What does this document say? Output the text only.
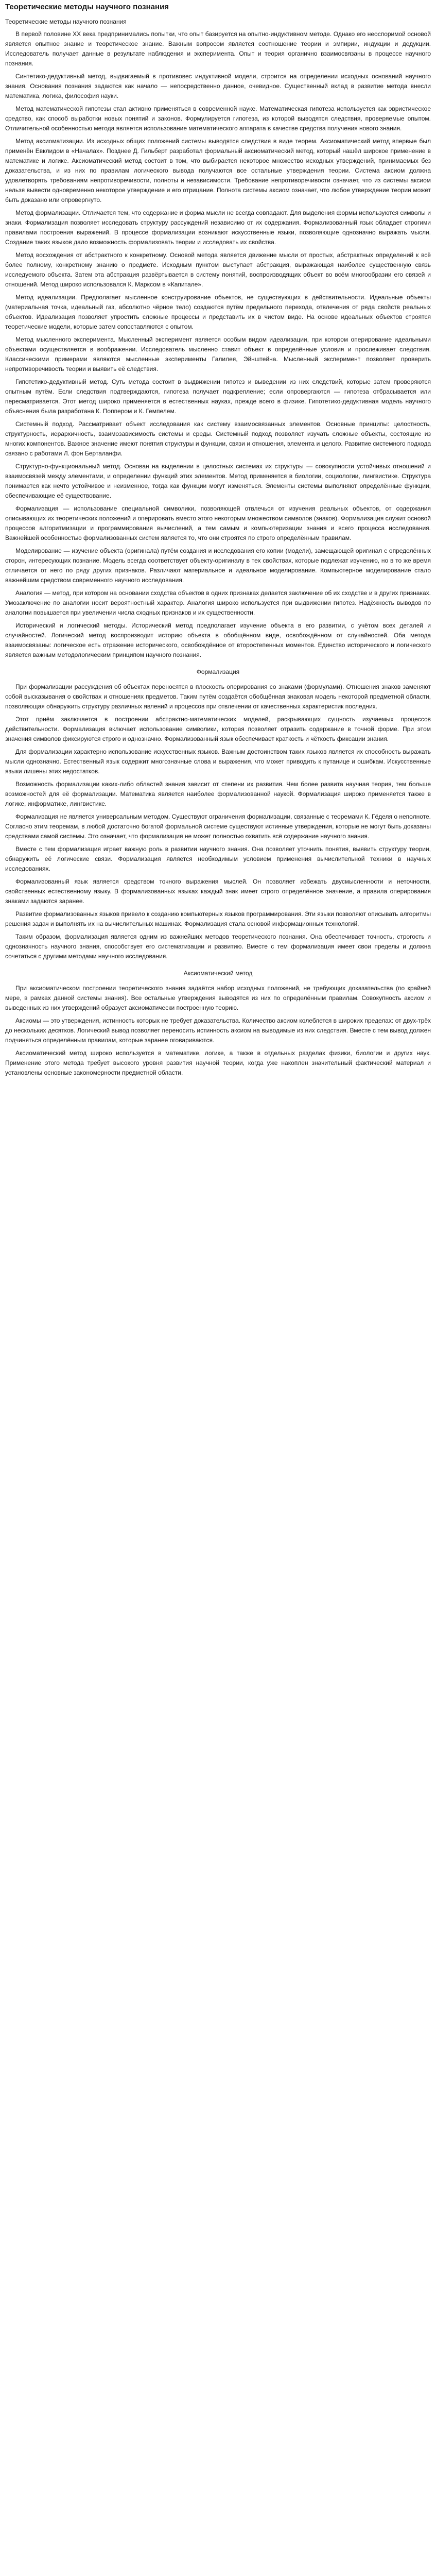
Теоретические методы научного познания
Теоретические методы научного познания

В первой половине XX века предпринимались попытки, что опыт базируется на опытно-индуктивном методе. Однако его неоспоримой основой является опытное знание и теоретическое знание. Важным вопросом является соотношение теории и эмпирии, индукции и дедукции. Исследователь получает данные в результате наблюдения и эксперимента. Опыт и теория органично взаимосвязаны в процессе научного познания.

Синтетико-дедуктивный метод, выдвигаемый в противовес индуктивной модели, строится на определении исходных оснований научного знания. Основания познания задаются как начало — непосредственно данное, очевидное. Существенный вклад в развитие метода внесли математика, логика, философия науки.

Метод математической гипотезы стал активно применяться в современной науке. Математическая гипотеза используется как эвристическое средство, как способ выработки новых понятий и законов. Формулируется гипотеза, из которой выводятся следствия, проверяемые опытом. Отличительной особенностью метода является использование математического аппарата в качестве средства получения нового знания.

Метод аксиоматизации. Из исходных общих положений системы выводятся следствия в виде теорем. Аксиоматический метод впервые был применён Евклидом в «Началах». Позднее Д. Гильберт разработал формальный аксиоматический метод, который нашёл широкое применение в математике и логике. Аксиоматический метод состоит в том, что выбирается некоторое множество исходных утверждений, принимаемых без доказательства, и из них по правилам логического вывода получаются все остальные утверждения теории. Система аксиом должна удовлетворять требованиям непротиворечивости, полноты и независимости. Требование непротиворечивости означает, что из системы аксиом нельзя вывести одновременно некоторое утверждение и его отрицание. Полнота системы аксиом означает, что любое утверждение теории может быть доказано или опровергнуто.

Метод формализации. Отличается тем, что содержание и форма мысли не всегда совпадают. Для выделения формы используются символы и знаки. Формализация позволяет исследовать структуру рассуждений независимо от их содержания. Формализованный язык обладает строгими правилами построения выражений. В процессе формализации возникают искусственные языки, позволяющие однозначно выражать мысли. Создание таких языков дало возможность формализовать теории и исследовать их свойства.

Метод восхождения от абстрактного к конкретному. Основой метода является движение мысли от простых, абстрактных определений к всё более полному, конкретному знанию о предмете. Исходным пунктом выступает абстракция, выражающая наиболее существенную связь исследуемого объекта. Затем эта абстракция развёртывается в систему понятий, воспроизводящих объект во всём многообразии его связей и отношений. Метод широко использовался К. Марксом в «Капитале».

Метод идеализации. Предполагает мысленное конструирование объектов, не существующих в действительности. Идеальные объекты (материальная точка, идеальный газ, абсолютно чёрное тело) создаются путём предельного перехода, отвлечения от ряда свойств реальных объектов. Идеализация позволяет упростить сложные процессы и представить их в чистом виде. На основе идеальных объектов строятся теоретические модели, которые затем сопоставляются с опытом.

Метод мысленного эксперимента. Мысленный эксперимент является особым видом идеализации, при котором оперирование идеальными объектами осуществляется в воображении. Исследователь мысленно ставит объект в определённые условия и прослеживает следствия. Классическими примерами являются мысленные эксперименты Галилея, Эйнштейна. Мысленный эксперимент позволяет проверить непротиворечивость теории и выявить её следствия.

Гипотетико-дедуктивный метод. Суть метода состоит в выдвижении гипотез и выведении из них следствий, которые затем проверяются опытным путём. Если следствия подтверждаются, гипотеза получает подкрепление; если опровергаются — гипотеза отбрасывается или пересматривается. Этот метод широко применяется в естественных науках, прежде всего в физике. Гипотетико-дедуктивная модель научного объяснения была разработана К. Поппером и К. Гемпелем.

Системный подход. Рассматривает объект исследования как систему взаимосвязанных элементов. Основные принципы: целостность, структурность, иерархичность, взаимозависимость системы и среды. Системный подход позволяет изучать сложные объекты, состоящие из многих компонентов. Важное значение имеют понятия структуры и функции, связи и отношения, элемента и целого. Развитие системного подхода связано с работами Л. фон Берталанфи.

Структурно-функциональный метод. Основан на выделении в целостных системах их структуры — совокупности устойчивых отношений и взаимосвязей между элементами, и определении функций этих элементов. Метод применяется в биологии, социологии, лингвистике. Структура понимается как нечто устойчивое и неизменное, тогда как функции могут изменяться. Элементы системы выполняют определённые функции, обеспечивающие её существование.

Формализация — использование специальной символики, позволяющей отвлечься от изучения реальных объектов, от содержания описывающих их теоретических положений и оперировать вместо этого некоторым множеством символов (знаков). Формализация служит основой процессов алгоритмизации и программирования вычислений, а тем самым и компьютеризации знания и всего процесса исследования. Важнейшей особенностью формализованных систем является то, что они строятся по строго определённым правилам.

Моделирование — изучение объекта (оригинала) путём создания и исследования его копии (модели), замещающей оригинал с определённых сторон, интересующих познание. Модель всегда соответствует объекту-оригиналу в тех свойствах, которые подлежат изучению, но в то же время отличается от него по ряду других признаков. Различают материальное и идеальное моделирование. Компьютерное моделирование стало важнейшим средством современного научного исследования.

Аналогия — метод, при котором на основании сходства объектов в одних признаках делается заключение об их сходстве и в других признаках. Умозаключение по аналогии носит вероятностный характер. Аналогия широко используется при выдвижении гипотез. Надёжность выводов по аналогии повышается при увеличении числа сходных признаков и их существенности.

Исторический и логический методы. Исторический метод предполагает изучение объекта в его развитии, с учётом всех деталей и случайностей. Логический метод воспроизводит историю объекта в обобщённом виде, освобождённом от случайностей. Оба метода взаимосвязаны: логическое есть отражение исторического, освобождённое от второстепенных моментов. Единство исторического и логического является важным методологическим принципом научного познания.

Формализация

При формализации рассуждения об объектах переносятся в плоскость оперирования со знаками (формулами). Отношения знаков заменяют собой высказывания о свойствах и отношениях предметов. Таким путём создаётся обобщённая знаковая модель некоторой предметной области, позволяющая обнаружить структуру различных явлений и процессов при отвлечении от качественных характеристик последних.

Этот приём заключается в построении абстрактно-математических моделей, раскрывающих сущность изучаемых процессов действительности. Формализация включает использование символики, которая позволяет отразить содержание в точной форме. При этом значения символов фиксируются строго и однозначно. Формализованный язык обеспечивает краткость и чёткость фиксации знания.

Для формализации характерно использование искусственных языков. Важным достоинством таких языков является их способность выражать мысли однозначно. Естественный язык содержит многозначные слова и выражения, что может приводить к путанице и ошибкам. Искусственные языки лишены этих недостатков.

Возможность формализации каких-либо областей знания зависит от степени их развития. Чем более развита научная теория, тем больше возможностей для её формализации. Математика является наиболее формализованной наукой. Формализация широко применяется также в логике, информатике, лингвистике.

Формализация не является универсальным методом. Существуют ограничения формализации, связанные с теоремами К. Гёделя о неполноте. Согласно этим теоремам, в любой достаточно богатой формальной системе существуют истинные утверждения, которые не могут быть доказаны средствами самой системы. Это означает, что формализация не может полностью охватить всё содержание научного знания.

Вместе с тем формализация играет важную роль в развитии научного знания. Она позволяет уточнить понятия, выявить структуру теории, обнаружить её логические связи. Формализация является необходимым условием применения вычислительной техники в научных исследованиях.

Формализованный язык является средством точного выражения мыслей. Он позволяет избежать двусмысленности и неточности, свойственных естественному языку. В формализованных языках каждый знак имеет строго определённое значение, а правила оперирования знаками задаются заранее.

Развитие формализованных языков привело к созданию компьютерных языков программирования. Эти языки позволяют описывать алгоритмы решения задач и выполнять их на вычислительных машинах. Формализация стала основой информационных технологий.

Таким образом, формализация является одним из важнейших методов теоретического познания. Она обеспечивает точность, строгость и однозначность научного знания, способствует его систематизации и развитию. Вместе с тем формализация имеет свои пределы и должна сочетаться с другими методами научного исследования.

Аксиоматический метод

При аксиоматическом построении теоретического знания задаётся набор исходных положений, не требующих доказательства (по крайней мере, в рамках данной системы знания). Все остальные утверждения выводятся из них по определённым правилам. Совокупность аксиом и выведенных из них утверждений образует аксиоматически построенную теорию.

Аксиомы — это утверждения, истинность которых не требует доказательства. Количество аксиом колеблется в широких пределах: от двух-трёх до нескольких десятков. Логический вывод позволяет переносить истинность аксиом на выводимые из них следствия. Вместе с тем вывод должен подчиняться определённым правилам, которые заранее оговариваются.

Аксиоматический метод широко используется в математике, логике, а также в отдельных разделах физики, биологии и других наук. Применение этого метода требует высокого уровня развития научной теории, когда уже накоплен значительный фактический материал и установлены основные закономерности предметной области.
